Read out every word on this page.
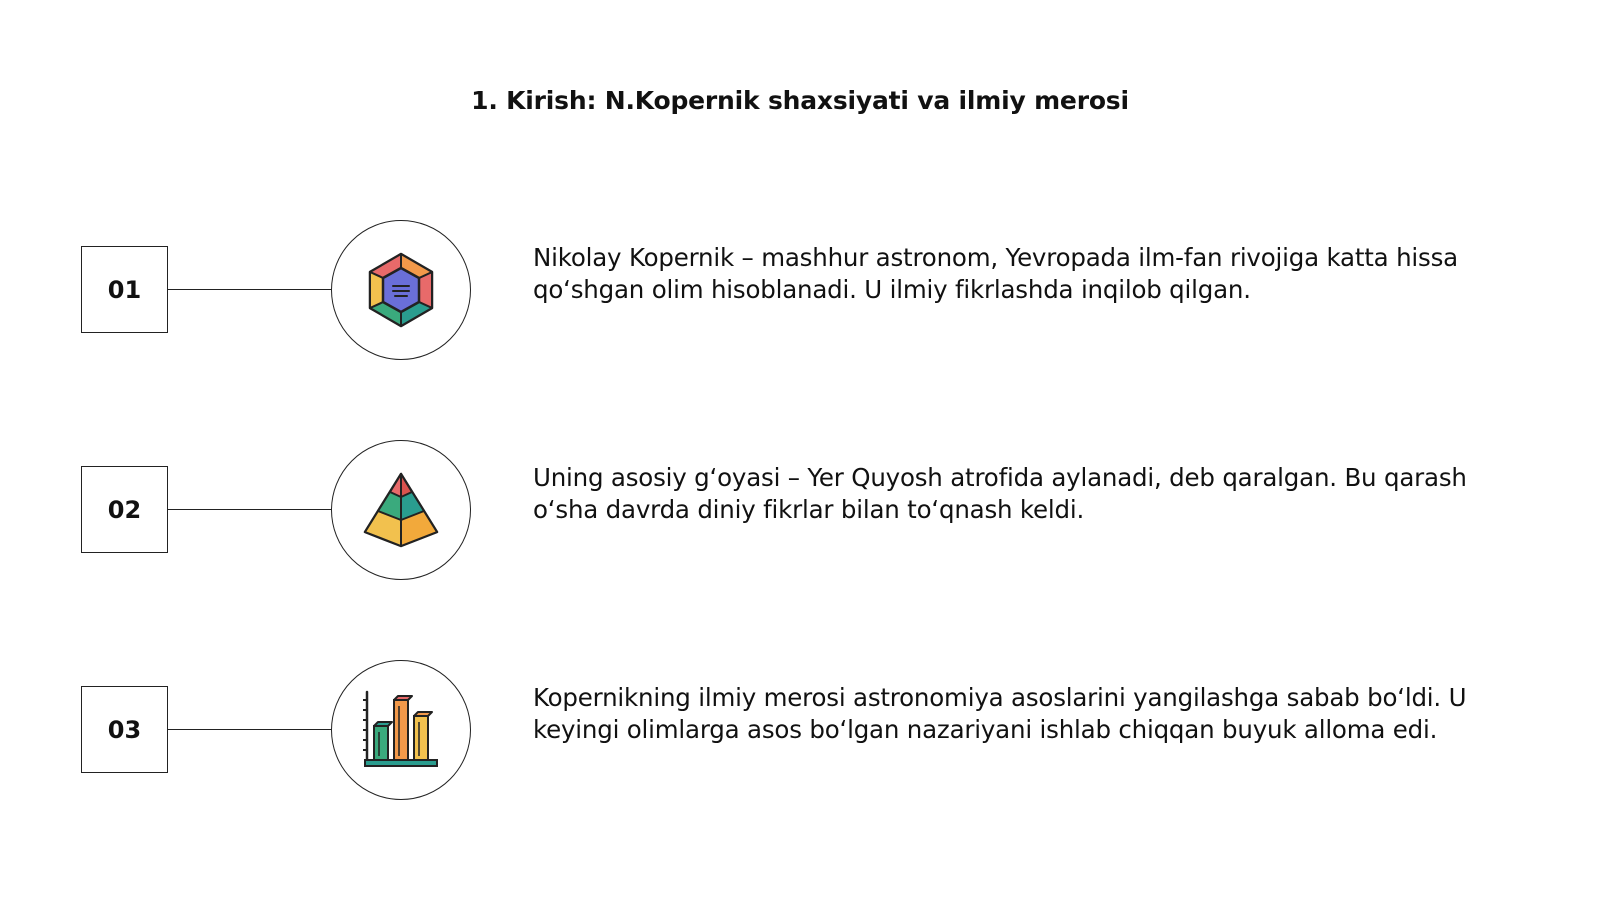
1. Kirish: N.Kopernik shaxsiyati va ilmiy merosi
01
Nikolay Kopernik – mashhur astronom, Yevropada ilm-fan rivojiga katta hissa qo‘shgan olim hisoblanadi. U ilmiy fikrlashda inqilob qilgan.
02
Uning asosiy g‘oyasi – Yer Quyosh atrofida aylanadi, deb qaralgan. Bu qarash o‘sha davrda diniy fikrlar bilan to‘qnash keldi.
03
Kopernikning ilmiy merosi astronomiya asoslarini yangilashga sabab bo‘ldi. U keyingi olimlarga asos bo‘lgan nazariyani ishlab chiqqan buyuk alloma edi.
